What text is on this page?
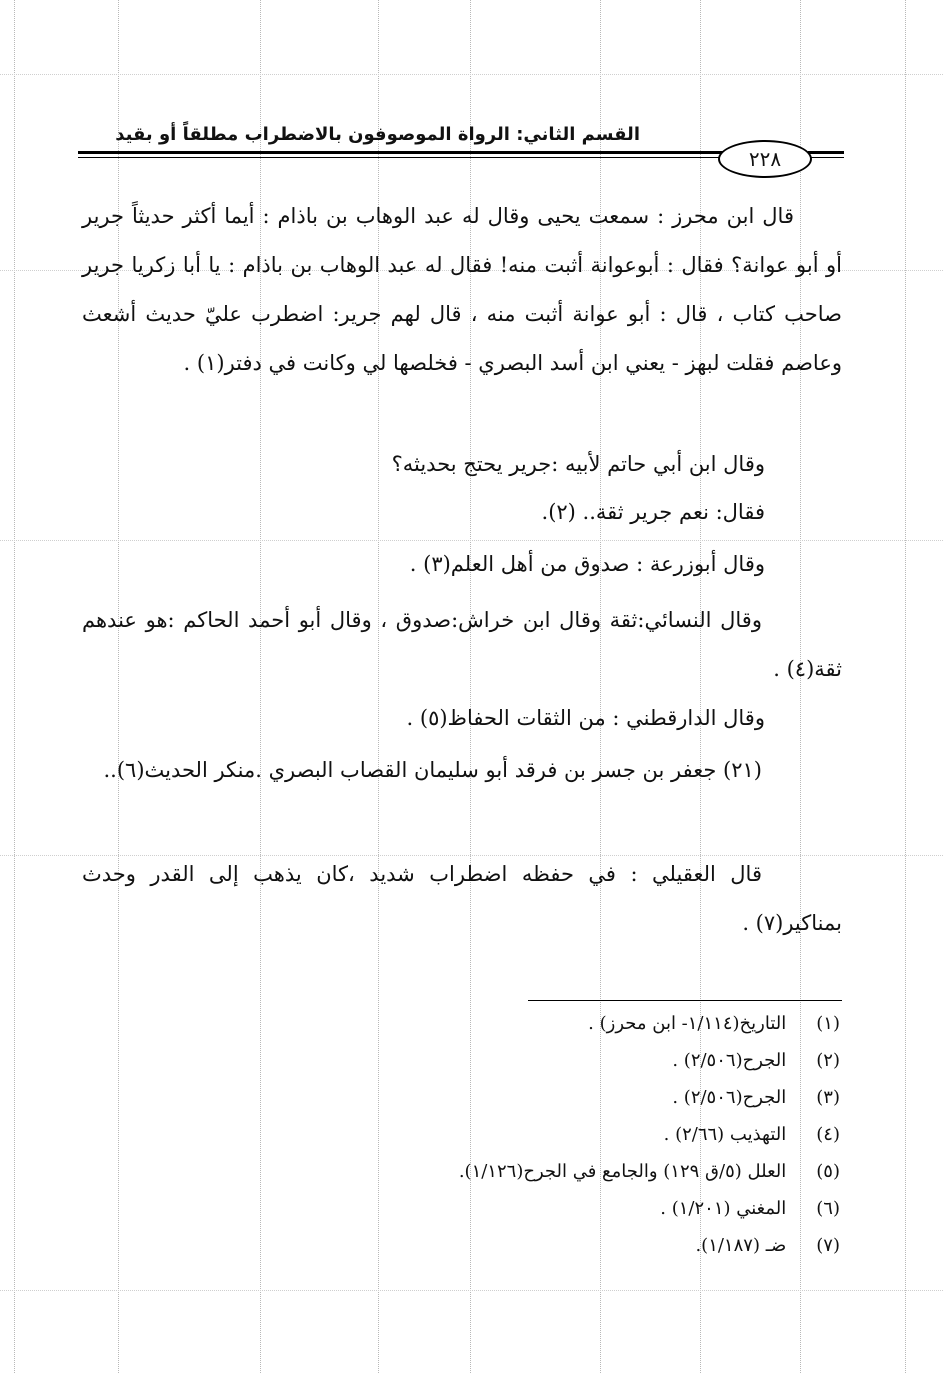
القسم الثاني: الرواة الموصوفون بالاضطراب مطلقاً أو بقيد
٢٢٨
قال ابن محرز : سمعت يحيى وقال له عبد الوهاب بن باذام : أيما أكثر حديثاً جرير أو أبو عوانة؟ فقال : أبوعوانة أثبت منه! فقال له عبد الوهاب بن باذام : يا أبا زكريا جرير صاحب كتاب ، قال : أبو عوانة أثبت منه ، قال لهم جرير: اضطرب عليّ حديث أشعث وعاصم فقلت لبهز - يعني ابن أسد البصري - فخلصها لي وكانت في دفتر(١) .
وقال ابن أبي حاتم لأبيه :جرير يحتج بحديثه؟
فقال: نعم جرير ثقة.. (٢).
وقال أبوزرعة : صدوق من أهل العلم(٣) .
وقال النسائي:ثقة وقال ابن خراش:صدوق ، وقال أبو أحمد الحاكم :هو عندهم ثقة(٤) .
وقال الدارقطني : من الثقات الحفاظ(٥) .
(٢١) جعفر بن جسر بن فرقد أبو سليمان القصاب البصري .منكر الحديث(٦)..
قال العقيلي : في حفظه اضطراب شديد ،كان يذهب إلى القدر وحدث بمناكير(٧) .
(١) التاريخ(١/١١٤- ابن محرز) .
(٢) الجرح(٢/٥٠٦) .
(٣) الجرح(٢/٥٠٦) .
(٤) التهذيب (٢/٦٦) .
(٥) العلل (٥/ق ١٢٩) والجامع في الجرح(١/١٢٦).
(٦) المغني (١/٢٠١) .
(٧) ضـ (١/١٨٧).
